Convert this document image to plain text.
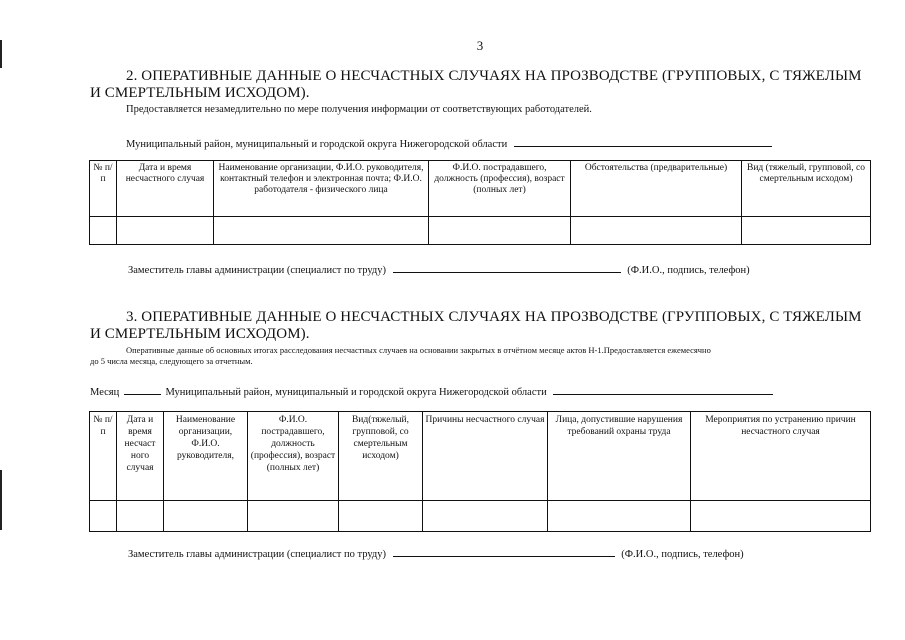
3
2. ОПЕРАТИВНЫЕ ДАННЫЕ О НЕСЧАСТНЫХ СЛУЧАЯХ НА ПРОЗВОДСТВЕ (ГРУППОВЫХ, С ТЯЖЕЛЫМ
И СМЕРТЕЛЬНЫМ ИСХОДОМ).
Предоставляется незамедлительно по мере получения информации от соответствующих работодателей.
Муниципальный район, муниципальный и городской округа Нижегородской области
№ п/п	Дата и время несчастного случая	Наименование организации, Ф.И.О. руководителя, контактный телефон и электронная почта; Ф.И.О. работодателя - физического лица	Ф.И.О. пострадавшего, должность (профессия), возраст (полных лет)	Обстоятельства (предварительные)	Вид (тяжелый, групповой, со смертельным исходом)

Заместитель главы администрации (специалист по труду)	(Ф.И.О., подпись, телефон)
3. ОПЕРАТИВНЫЕ ДАННЫЕ О НЕСЧАСТНЫХ СЛУЧАЯХ НА ПРОЗВОДСТВЕ (ГРУППОВЫХ, С ТЯЖЕЛЫМ
И СМЕРТЕЛЬНЫМ ИСХОДОМ).
Оперативные данные об основных итогах расследования несчастных случаев на основании закрытых в отчётном месяце актов Н-1.Предоставляется ежемесячно
до 5 числа месяца, следующего за отчетным.
Месяц	Муниципальный район, муниципальный и городской округа Нижегородской области
№ п/п	Дата и время несчаст ного случая	Наименование организации, Ф.И.О. руководителя,	Ф.И.О. пострадавшего, должность (профессия), возраст (полных лет)	Вид(тяжелый, групповой, со смертельным исходом)	Причины несчастного случая	Лица, допустившие нарушения требований охраны труда	Мероприятия по устранению причин несчастного случая

Заместитель главы администрации (специалист по труду)	(Ф.И.О., подпись, телефон)
